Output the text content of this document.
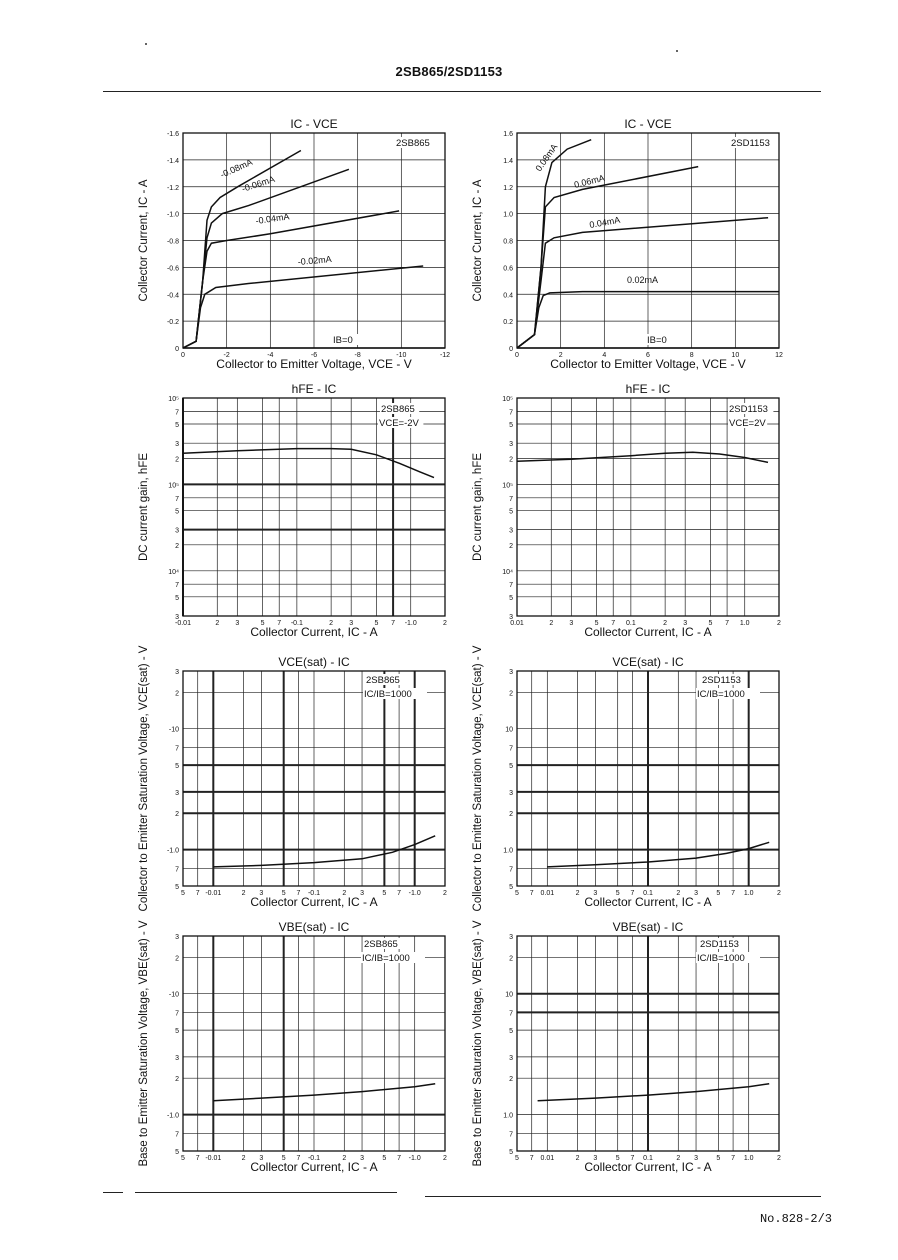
2SB865/2SD1153
0	-2	-4	-6	-8	-10	-12
0
-0.2
-0.4
-0.6
-0.8
-1.0
-1.2
-1.4
-1.6
IC - VCE
Collector to Emitter Voltage, VCE - V
Collector Current, IC - A
-0.08mA
-0.06mA
-0.04mA
-0.02mA
2SB865
IB=0
0	2	4	6	8	10	12
0
0.2
0.4
0.6
0.8
1.0
1.2
1.4
1.6
IC - VCE
Collector to Emitter Voltage, VCE - V
Collector Current, IC - A
0.08mA
0.06mA
0.04mA
0.02mA
2SD1153
IB=0
-0.01	2 3	5 7 -0.1	2 3	5 7 -1.0	2
3
5
7
10⁴
2
3
5
7
10⁵
2
3
5
7
10⁵
hFE - IC
Collector Current, IC - A
DC current gain, hFE
2SB865
VCE=-2V
0.01	2 3	5 7 0.1	2 3	5 7 1.0	2
3
5
7
10⁴
2
3
5
7
10⁵
2
3
5
7
10⁵
hFE - IC
Collector Current, IC - A
DC current gain, hFE
2SD1153
VCE=2V
5 7 -0.01	2 3	5 7 -0.1	2 3	5 7 -1.0	2
5
7
-1.0
2
3
5
7
-10
2
3
VCE(sat) - IC
Collector Current, IC - A
Collector to Emitter Saturation Voltage, VCE(sat) - V	2SB865
IC/IB=1000
5 7 0.01	2 3	5 7 0.1	2 3	5 7 1.0	2
5
7
1.0
2
3
5
7
10
2
3
VCE(sat) - IC
Collector Current, IC - A
Collector to Emitter Saturation Voltage, VCE(sat) - V	2SD1153
IC/IB=1000
5 7 -0.01	2 3	5 7 -0.1	2 3	5 7 -1.0	2
5
7
-1.0
2
3
5
7
-10
2
3
VBE(sat) - IC
Collector Current, IC - A
Base to Emitter Saturation Voltage, VBE(sat) - V	2SB865
IC/IB=1000
5 7 0.01	2 3	5 7 0.1	2 3	5 7 1.0	2
5
7
1.0
2
3
5
7
10
2
3
VBE(sat) - IC
Collector Current, IC - A
Base to Emitter Saturation Voltage, VBE(sat) - V	2SD1153
IC/IB=1000
No.828-2/3
